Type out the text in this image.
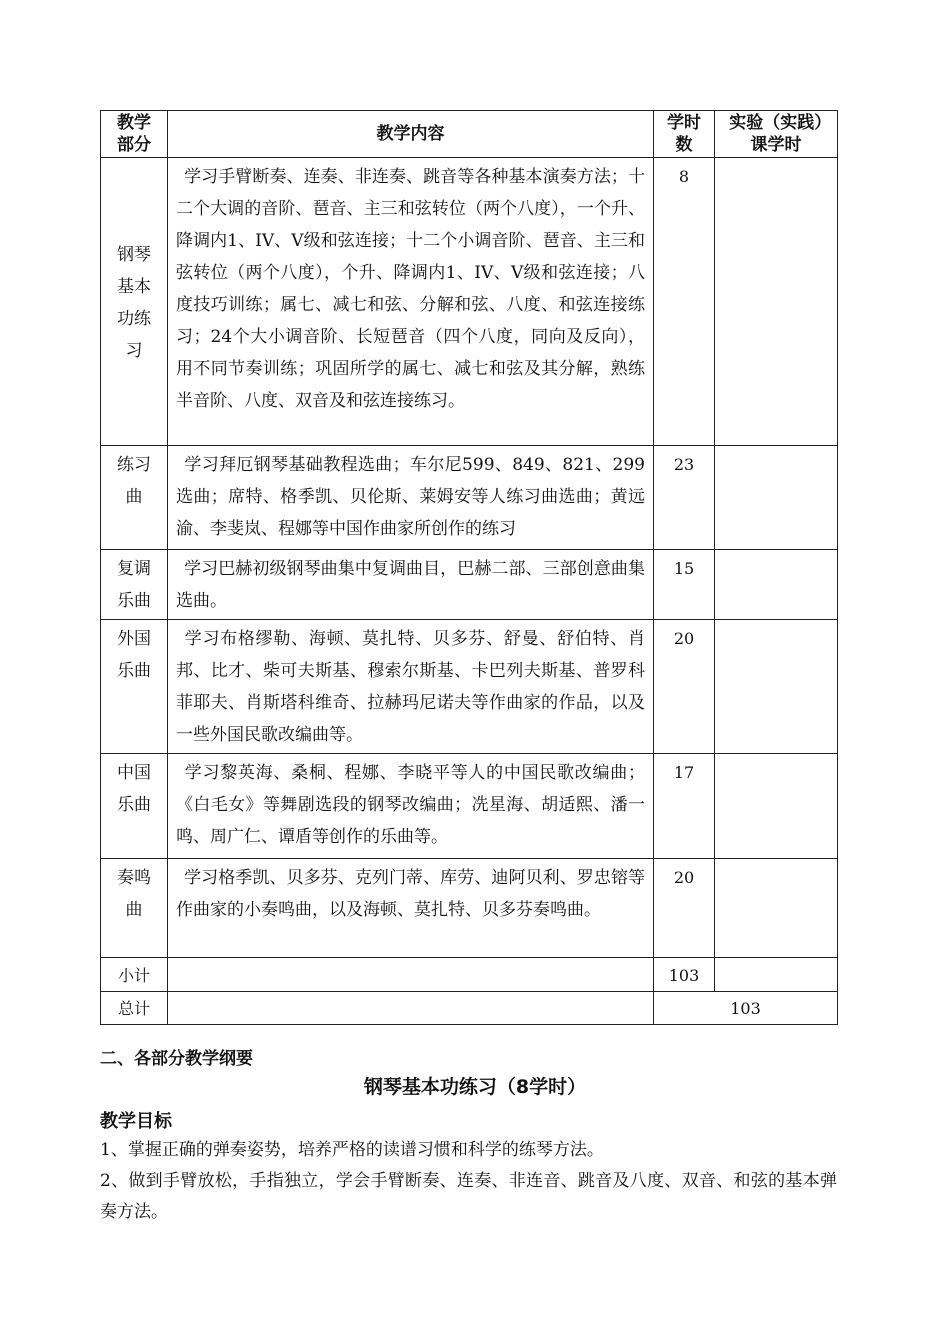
教学部分	教学内容	学时数	实验（实践）课学时
钢琴基本功练习	学习手臂断奏、连奏、非连奏、跳音等各种基本演奏方法；十二个大调的音阶、琶音、主三和弦转位（两个八度），一个升、降调内1、IV、V级和弦连接；十二个小调音阶、琶音、主三和弦转位（两个八度），个升、降调内1、IV、V级和弦连接；八度技巧训练；属七、减七和弦、分解和弦、八度、和弦连接练习；24个大小调音阶、长短琶音（四个八度，同向及反向），用不同节奏训练；巩固所学的属七、减七和弦及其分解，熟练半音阶、八度、双音及和弦连接练习。	8	
练习曲	学习拜厄钢琴基础教程选曲；车尔尼599、849、821、299选曲；席特、格季凯、贝伦斯、莱姆安等人练习曲选曲；黄远渝、李斐岚、程娜等中国作曲家所创作的练习	23	
复调乐曲	学习巴赫初级钢琴曲集中复调曲目，巴赫二部、三部创意曲集选曲。	15	
外国乐曲	学习布格缪勒、海顿、莫扎特、贝多芬、舒曼、舒伯特、肖邦、比才、柴可夫斯基、穆索尔斯基、卡巴列夫斯基、普罗科菲耶夫、肖斯塔科维奇、拉赫玛尼诺夫等作曲家的作品，以及一些外国民歌改编曲等。	20	
中国乐曲	学习黎英海、桑桐、程娜、李晓平等人的中国民歌改编曲；《白毛女》等舞剧选段的钢琴改编曲；冼星海、胡适熙、潘一鸣、周广仁、谭盾等创作的乐曲等。	17	
奏鸣曲	学习格季凯、贝多芬、克列门蒂、库劳、迪阿贝利、罗忠镕等作曲家的小奏鸣曲，以及海顿、莫扎特、贝多芬奏鸣曲。	20	
小计		103	
总计		103	
二、各部分教学纲要
钢琴基本功练习（8学时）
教学目标
1、掌握正确的弹奏姿势，培养严格的读谱习惯和科学的练琴方法。
2、做到手臂放松，手指独立，学会手臂断奏、连奏、非连音、跳音及八度、双音、和弦的基本弹奏方法。
